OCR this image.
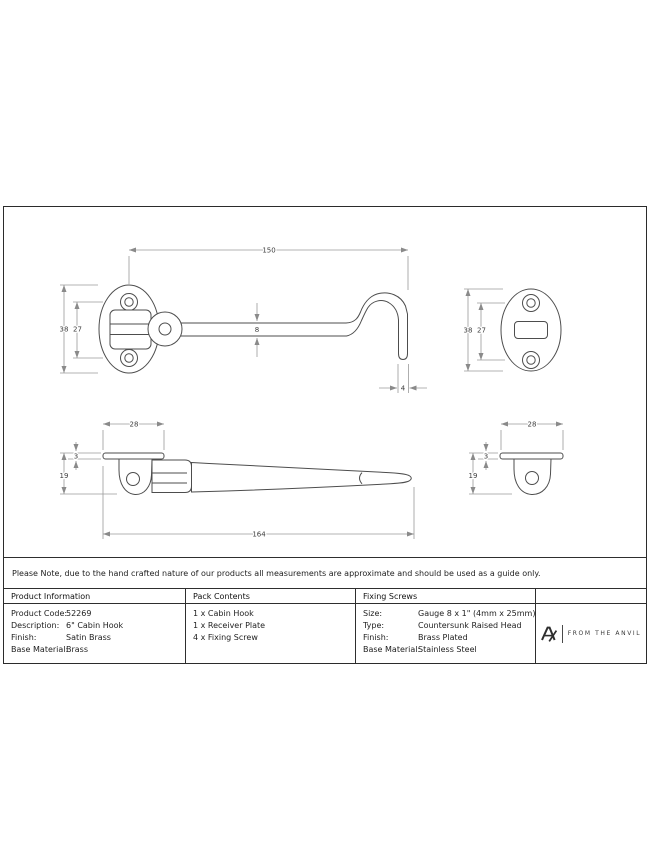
150
38 27	8
4
38 27
28
19
3
164
28
19
3
Please Note, due to the hand crafted nature of our products all measurements are approximate and should be used as a guide only.
Product Information	Pack Contents	Fixing Screws
Product Code:
52269
Description: 6" Cabin Hook
Finish:	Satin Brass
Base Material:
Brass
1 x Cabin Hook
1 x Receiver Plate
4 x Fixing Screw
Size:	Gauge 8 x 1" (4mm x 25mm)
Type:	Countersunk Raised Head
Finish:	Brass Plated
Base Material:
Stainless Steel
FROM THE ANVIL
